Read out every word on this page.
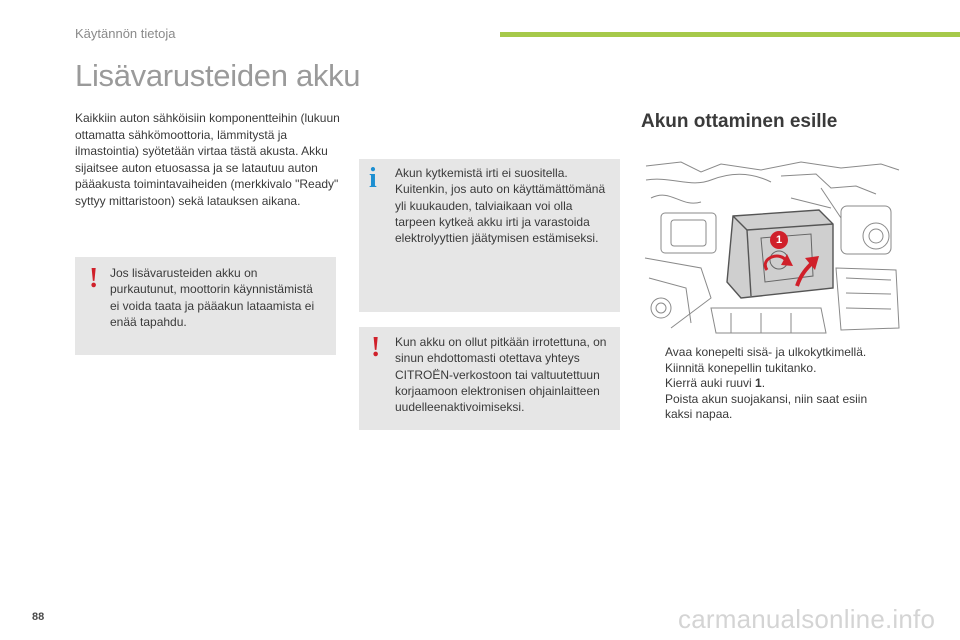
Käytännön tietoja
Lisävarusteiden akku
Kaikkiin auton sähköisiin komponentteihin (lukuun ottamatta sähkömoottoria, lämmitystä ja ilmastointia) syötetään virtaa tästä akusta. Akku sijaitsee auton etuosassa ja se latautuu auton pääakusta toimintavaiheiden (merkkivalo "Ready" syttyy mittaristoon) sekä latauksen aikana.
! Jos lisävarusteiden akku on purkautunut, moottorin käynnistämistä ei voida taata ja pääakun lataamista ei enää tapahdu.
i Akun kytkemistä irti ei suositella. Kuitenkin, jos auto on käyttämättömänä yli kuukauden, talviaikaan voi olla tarpeen kytkeä akku irti ja varastoida elektrolyyttien jäätymisen estämiseksi.
! Kun akku on ollut pitkään irrotettuna, on sinun ehdottomasti otettava yhteys CITROËN-verkostoon tai valtuutettuun korjaamoon elektronisen ohjainlaitteen uudelleenaktivoimiseksi.
Akun ottaminen esille
1
Avaa konepelti sisä- ja ulkokytkimellä.
Kiinnitä konepellin tukitanko.
Kierrä auki ruuvi 1.
Poista akun suojakansi, niin saat esiin kaksi napaa.
88	carmanualsonline.info
